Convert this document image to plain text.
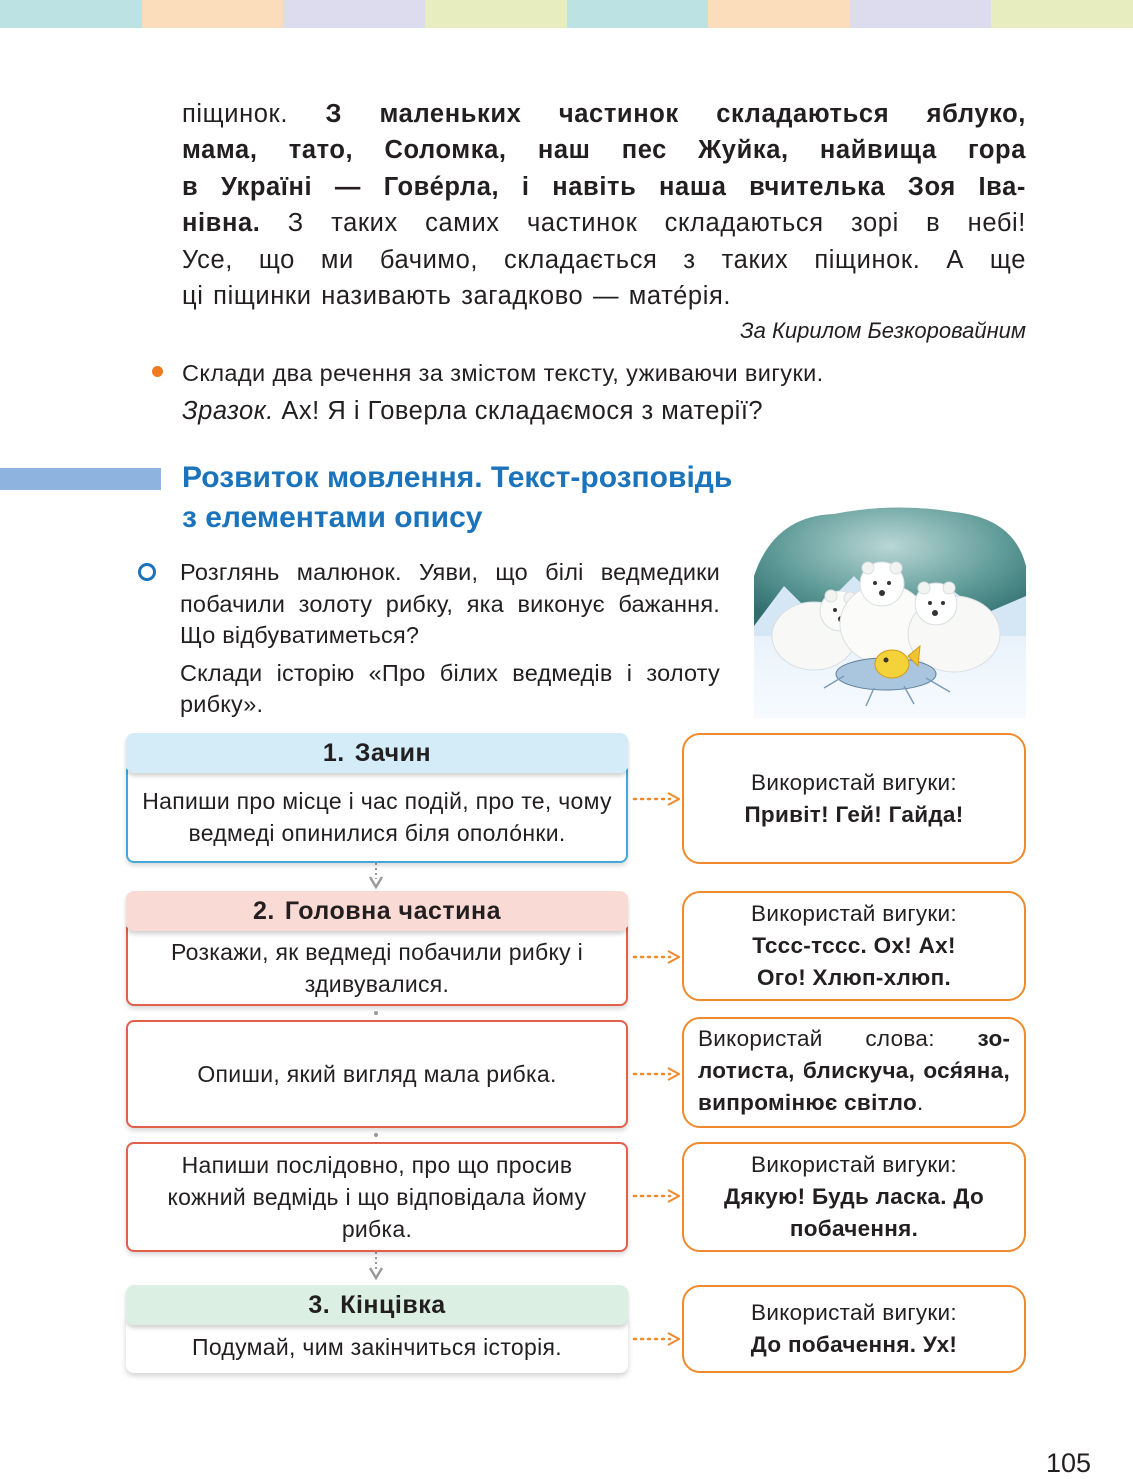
піщинок. З маленьких частинок складаються яблуко,
мама, тато, Соломка, наш пес Жуйка, найвища гора
в Україні — Гове́рла, і навіть наша вчителька Зоя Іва-
нівна. З таких самих частинок складаються зорі в небі!
Усе, що ми бачимо, складається з таких піщинок. А ще
ці піщинки називають загадково — мате́рія.
За Кирилом Безкоровайним
Склади два речення за змістом тексту, уживаючи вигуки.
Зразок. Ах! Я і Говерла складаємося з матерії?
Розвиток мовлення. Текст-розповідь
з елементами опису

Розглянь малюнок. Уяви, що білі ведмедики побачили золоту рибку, яка виконує бажання. Що відбуватиметься?

Склади історію «Про білих ведмедів і золоту рибку».

1. Зачин
2. Головна частина
3. Кінцівка
Напиши про місце і час подій, про те, чому ведмеді опинилися біля ополо́нки.
Розкажи, як ведмеді побачили рибку і здивувалися.
Опиши, який вигляд мала рибка.
Напиши послідовно, про що просив кожний ведмідь і що відповідала йому рибка.
Подумай, чим закінчиться історія.
Використай вигуки:
Привіт! Гей! Гайда!
Використай вигуки:
Тссс-тссс. Ох! Ах! Ого! Хлюп-хлюп.
Використай слова: золотиста, блискуча, ося́яна, випромінює світло.
Використай вигуки:
Дякую! Будь ласка. До побачення.
Використай вигуки:
До побачення. Ух!
105
